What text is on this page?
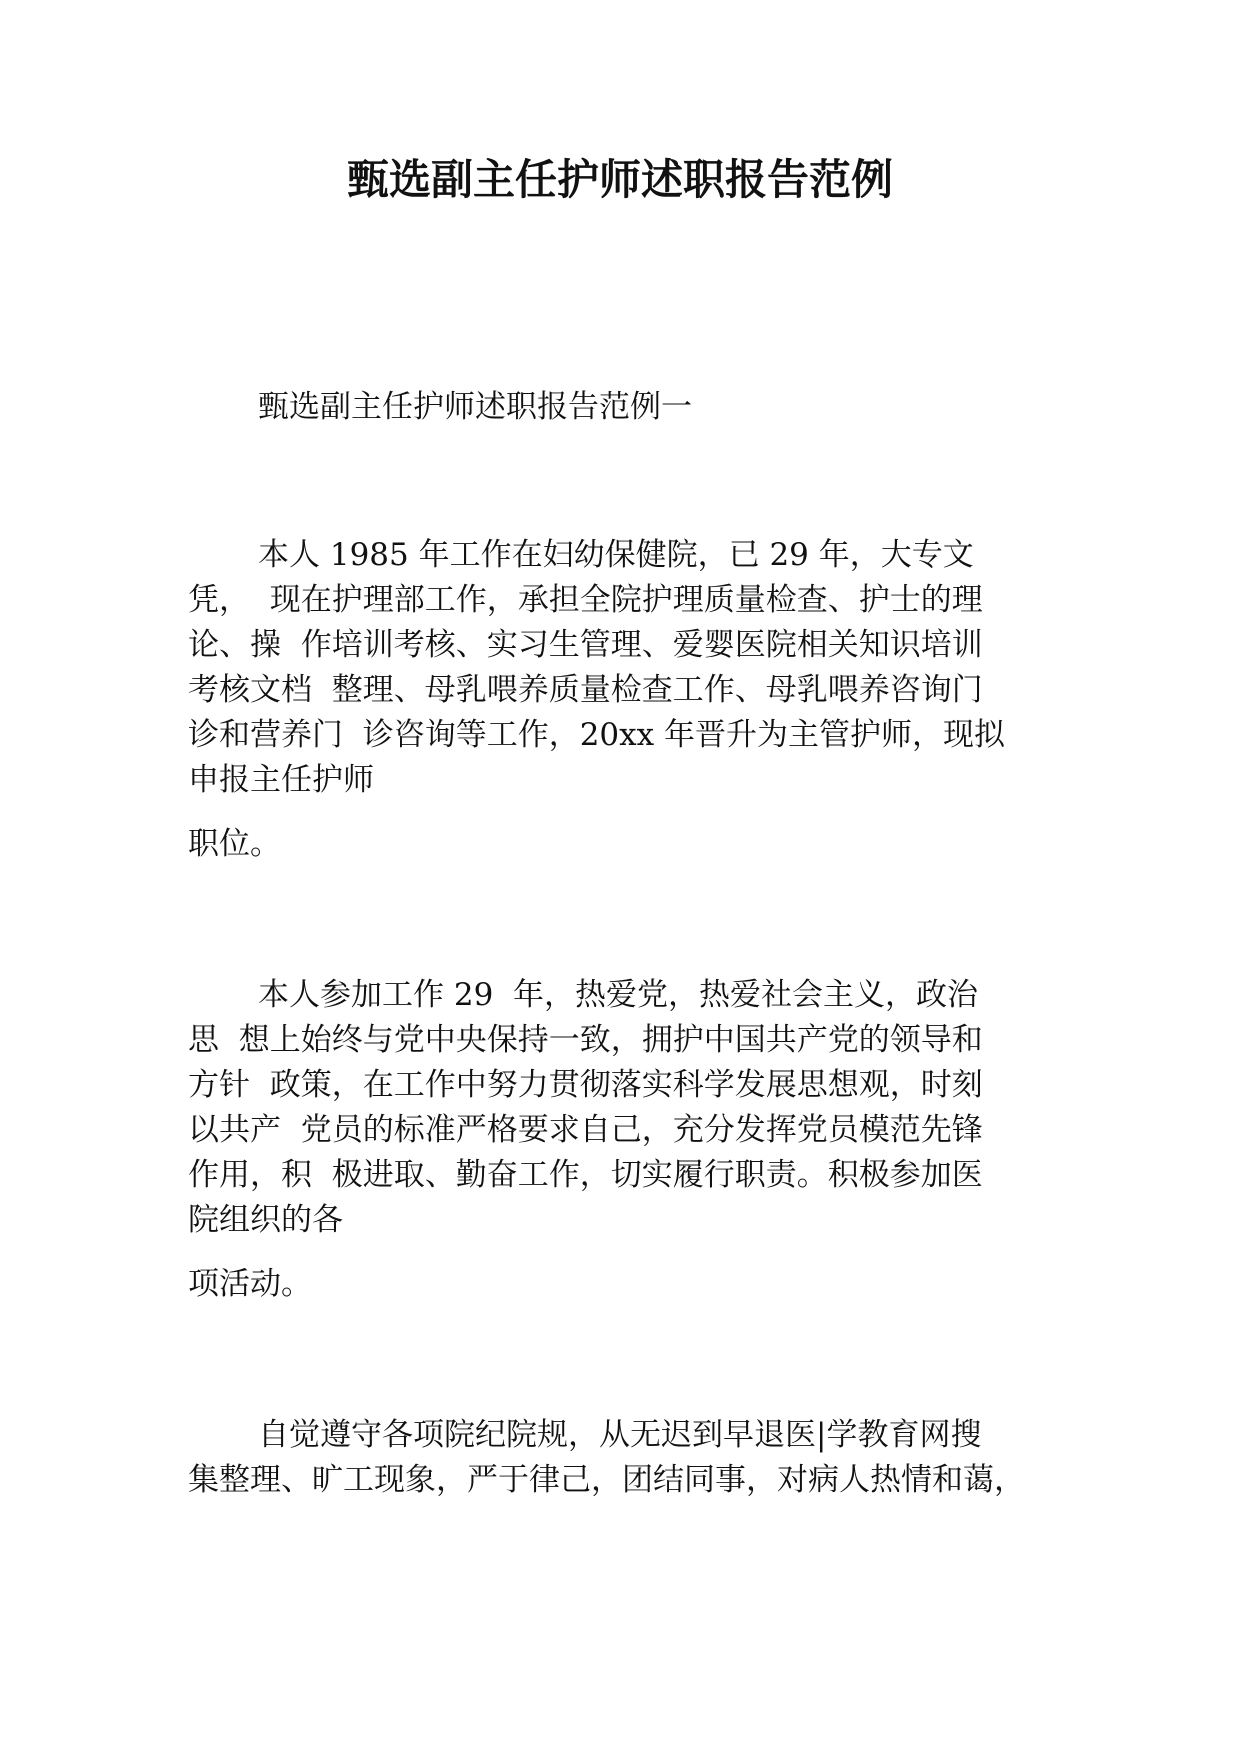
甄选副主任护师述职报告范例

甄选副主任护师述职报告范例一

本人 1985 年工作在妇幼保健院，已 29 年，大专文

凭，  现在护理部工作，承担全院护理质量检查、护士的理

论、操  作培训考核、实习生管理、爱婴医院相关知识培训

考核文档  整理、母乳喂养质量检查工作、母乳喂养咨询门

诊和营养门  诊咨询等工作，20xx 年晋升为主管护师，现拟

申报主任护师

职位。

本人参加工作 29  年，热爱党，热爱社会主义，政治

思  想上始终与党中央保持一致，拥护中国共产党的领导和

方针  政策，在工作中努力贯彻落实科学发展思想观，时刻

以共产  党员的标准严格要求自己，充分发挥党员模范先锋

作用，积  极进取、勤奋工作，切实履行职责。积极参加医

院组织的各

项活动。

自觉遵守各项院纪院规，从无迟到早退医|学教育网搜

集整理、旷工现象，严于律己，团结同事，对病人热情和蔼，
